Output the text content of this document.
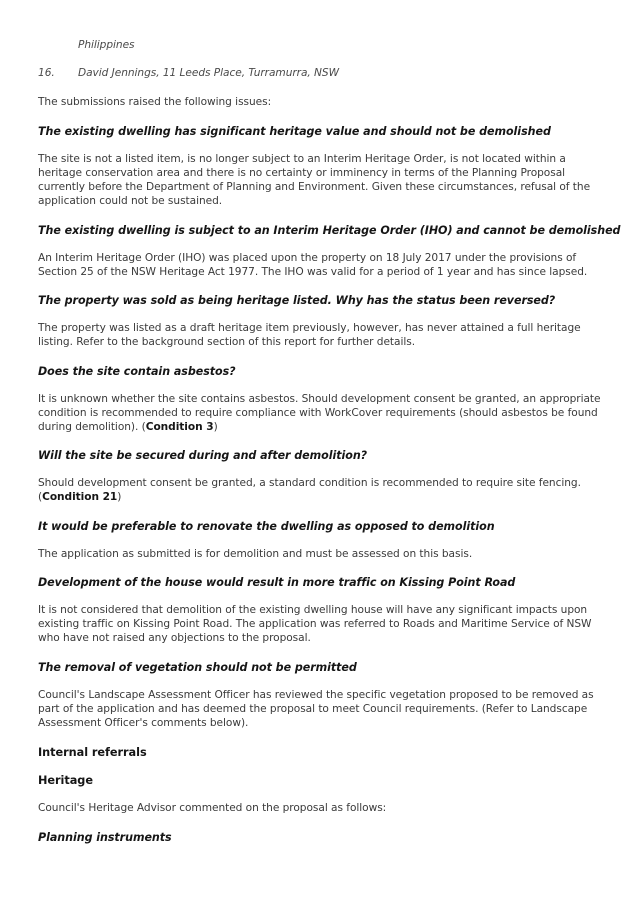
Philippines

16. David Jennings, 11 Leeds Place, Turramurra, NSW

The submissions raised the following issues:

The existing dwelling has significant heritage value and should not be demolished

The site is not a listed item, is no longer subject to an Interim Heritage Order, is not located within a

heritage conservation area and there is no certainty or imminency in terms of the Planning Proposal

currently before the Department of Planning and Environment. Given these circumstances, refusal of the

application could not be sustained.

The existing dwelling is subject to an Interim Heritage Order (IHO) and cannot be demolished

An Interim Heritage Order (IHO) was placed upon the property on 18 July 2017 under the provisions of

Section 25 of the NSW Heritage Act 1977. The IHO was valid for a period of 1 year and has since lapsed.

The property was sold as being heritage listed. Why has the status been reversed?

The property was listed as a draft heritage item previously, however, has never attained a full heritage

listing. Refer to the background section of this report for further details.

Does the site contain asbestos?

It is unknown whether the site contains asbestos. Should development consent be granted, an appropriate

condition is recommended to require compliance with WorkCover requirements (should asbestos be found

during demolition). (Condition 3)

Will the site be secured during and after demolition?

Should development consent be granted, a standard condition is recommended to require site fencing.

(Condition 21)

It would be preferable to renovate the dwelling as opposed to demolition

The application as submitted is for demolition and must be assessed on this basis.

Development of the house would result in more traffic on Kissing Point Road

It is not considered that demolition of the existing dwelling house will have any significant impacts upon

existing traffic on Kissing Point Road. The application was referred to Roads and Maritime Service of NSW

who have not raised any objections to the proposal.

The removal of vegetation should not be permitted

Council's Landscape Assessment Officer has reviewed the specific vegetation proposed to be removed as

part of the application and has deemed the proposal to meet Council requirements. (Refer to Landscape

Assessment Officer's comments below).

Internal referrals

Heritage

Council's Heritage Advisor commented on the proposal as follows:

Planning instruments
